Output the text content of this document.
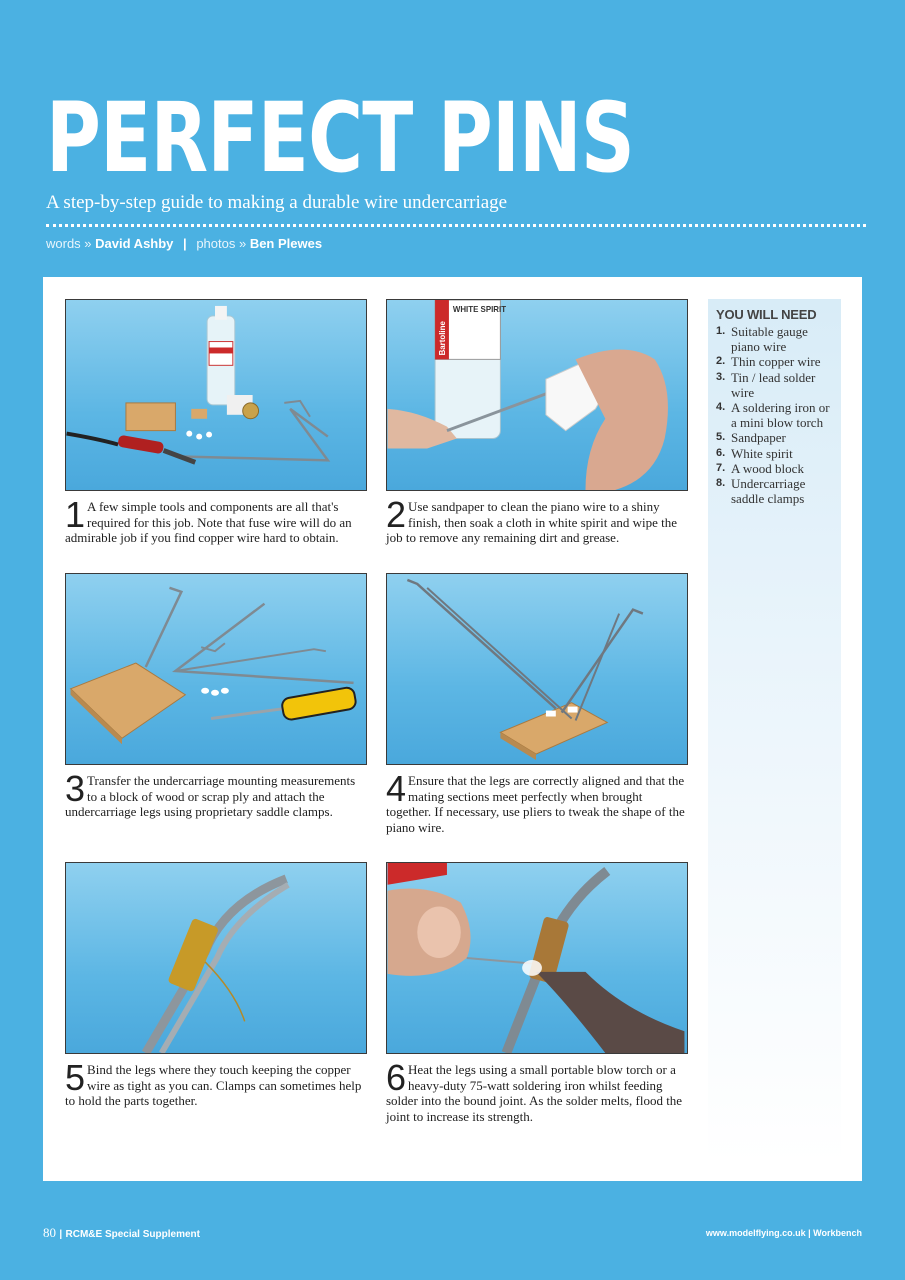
PERFECT PINS
A step-by-step guide to making a durable wire undercarriage
words » David Ashby | photos » Ben Plewes
1 A few simple tools and components are all that's required for this job. Note that fuse wire will do an admirable job if you find copper wire hard to obtain.
WHITE SPIRIT
Bartoline
2 Use sandpaper to clean the piano wire to a shiny finish, then soak a cloth in white spirit and wipe the job to remove any remaining dirt and grease.
3 Transfer the undercarriage mounting measurements to a block of wood or scrap ply and attach the undercarriage legs using proprietary saddle clamps.
4 Ensure that the legs are correctly aligned and that the mating sections meet perfectly when brought together. If necessary, use pliers to tweak the shape of the piano wire.
5 Bind the legs where they touch keeping the copper wire as tight as you can. Clamps can sometimes help to hold the parts together.
6 Heat the legs using a small portable blow torch or a heavy-duty 75-watt soldering iron whilst feeding solder into the bound joint. As the solder melts, flood the joint to increase its strength.
YOU WILL NEED
1. Suitable gauge piano wire
2. Thin copper wire
3. Tin / lead solder wire
4. A soldering iron or a mini blow torch
5. Sandpaper
6. White spirit
7. A wood block
8. Undercarriage saddle clamps
80 | RCM&E Special Supplement	www.modelflying.co.uk | Workbench
